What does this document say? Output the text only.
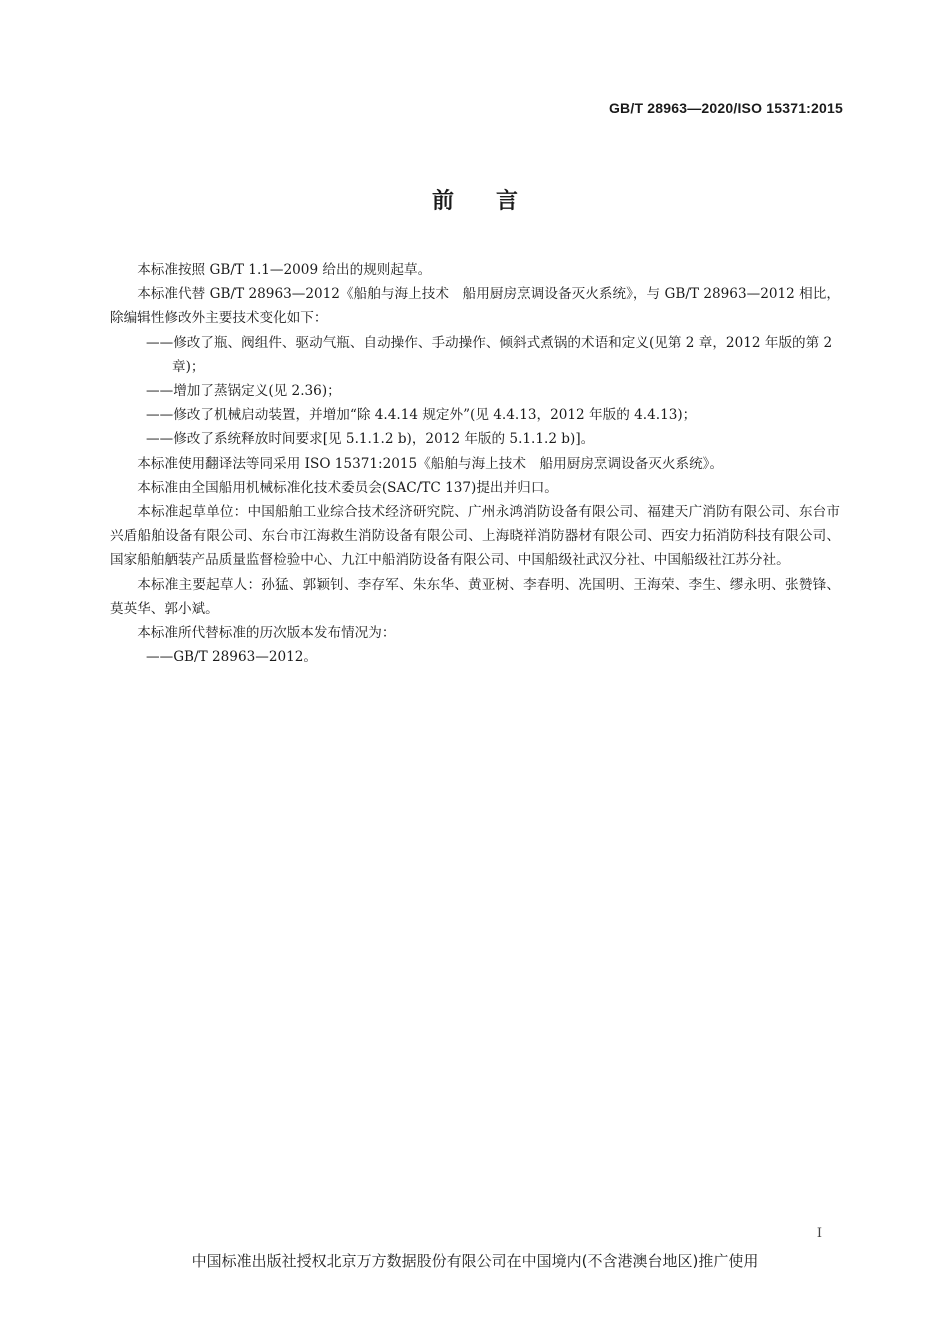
GB/T 28963—2020/ISO 15371:2015
前言

本标准按照 GB/T 1.1—2009 给出的规则起草。

本标准代替 GB/T 28963—2012《船舶与海上技术　船用厨房烹调设备灭火系统》，与 GB/T 28963—2012 相比，除编辑性修改外主要技术变化如下：

——修改了瓶、阀组件、驱动气瓶、自动操作、手动操作、倾斜式煮锅的术语和定义(见第 2 章，2012 年版的第 2 章)；

——增加了蒸锅定义(见 2.36)；

——修改了机械启动装置，并增加“除 4.4.14 规定外”(见 4.4.13，2012 年版的 4.4.13)；

——修改了系统释放时间要求[见 5.1.1.2 b)，2012 年版的 5.1.1.2 b)]。

本标准使用翻译法等同采用 ISO 15371:2015《船舶与海上技术　船用厨房烹调设备灭火系统》。

本标准由全国船用机械标准化技术委员会(SAC/TC 137)提出并归口。

本标准起草单位：中国船舶工业综合技术经济研究院、广州永鸿消防设备有限公司、福建天广消防有限公司、东台市兴盾船舶设备有限公司、东台市江海救生消防设备有限公司、上海晓祥消防器材有限公司、西安力拓消防科技有限公司、国家船舶舾装产品质量监督检验中心、九江中船消防设备有限公司、中国船级社武汉分社、中国船级社江苏分社。

本标准主要起草人：孙猛、郭颖钊、李存军、朱东华、黄亚树、李春明、冼国明、王海荣、李生、缪永明、张赞锋、莫英华、郭小斌。

本标准所代替标准的历次版本发布情况为：

——GB/T 28963—2012。

I
中国标准出版社授权北京万方数据股份有限公司在中国境内(不含港澳台地区)推广使用
